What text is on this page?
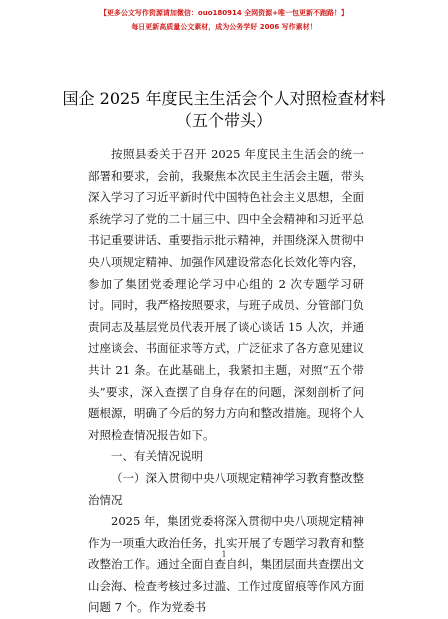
【更多公文写作资源请加微信：ouo180914 全网资源+唯一包更新不跑路！】
每日更新高质量公文素材，成为公务学好 2006 写作素材！
国企 2025 年度民主生活会个人对照检查材料
（五个带头）

按照县委关于召开 2025 年度民主生活会的统一部署和要求，会前，我聚焦本次民主生活会主题，带头深入学习了习近平新时代中国特色社会主义思想，全面系统学习了党的二十届三中、四中全会精神和习近平总书记重要讲话、重要指示批示精神，并围绕深入贯彻中央八项规定精神、加强作风建设常态化长效化等内容，参加了集团党委理论学习中心组的 2 次专题学习研讨。同时，我严格按照要求，与班子成员、分管部门负责同志及基层党员代表开展了谈心谈话 15 人次，并通过座谈会、书面征求等方式，广泛征求了各方意见建议共计 21 条。在此基础上，我紧扣主题，对照“五个带头”要求，深入查摆了自身存在的问题，深刻剖析了问题根源，明确了今后的努力方向和整改措施。现将个人对照检查情况报告如下。

一、有关情况说明

（一）深入贯彻中央八项规定精神学习教育整改整治情况

2025 年，集团党委将深入贯彻中央八项规定精神作为一项重大政治任务，扎实开展了专题学习教育和整改整治工作。通过全面自查自纠，集团层面共查摆出文山会海、检查考核过多过滥、工作过度留痕等作风方面问题 7 个。作为党委书

1
